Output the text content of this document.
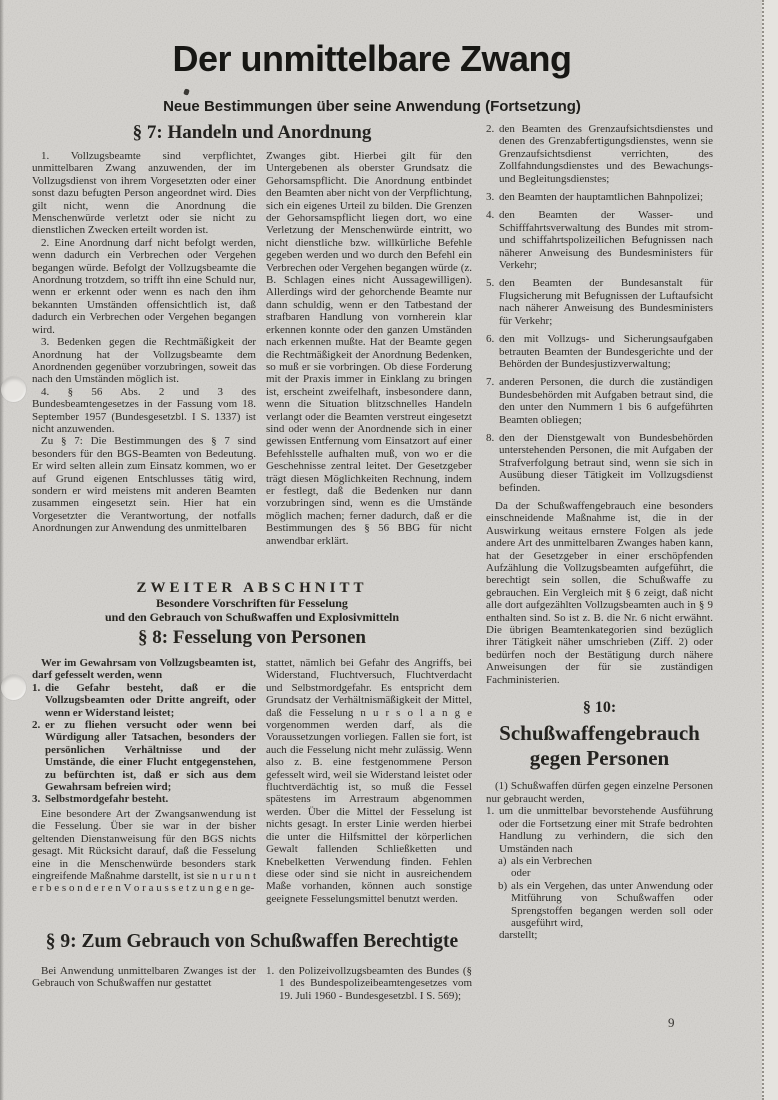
Der unmittelbare Zwang
Neue Bestimmungen über seine Anwendung (Fortsetzung)
§ 7: Handeln und Anordnung

1. Vollzugsbeamte sind verpflichtet, unmittelbaren Zwang anzuwenden, der im Vollzugsdienst von ihrem Vorgesetzten oder einer sonst dazu befugten Person angeordnet wird. Dies gilt nicht, wenn die Anordnung die Menschenwürde verletzt oder sie nicht zu dienstlichen Zwecken erteilt worden ist.

2. Eine Anordnung darf nicht befolgt werden, wenn dadurch ein Verbrechen oder Vergehen begangen würde. Befolgt der Vollzugsbeamte die Anordnung trotzdem, so trifft ihn eine Schuld nur, wenn er erkennt oder wenn es nach den ihm bekannten Umständen offensichtlich ist, daß dadurch ein Verbrechen oder Vergehen begangen wird.

3. Bedenken gegen die Rechtmäßigkeit der Anordnung hat der Vollzugsbeamte dem Anordnenden gegenüber vorzubringen, soweit das nach den Umständen möglich ist.

4. § 56 Abs. 2 und 3 des Bundesbeamtengesetzes in der Fassung vom 18. September 1957 (Bundesgesetzbl. I S. 1337) ist nicht anzuwenden.

Zu § 7: Die Bestimmungen des § 7 sind besonders für den BGS-Beamten von Bedeutung. Er wird selten allein zum Einsatz kommen, wo er auf Grund eigenen Entschlusses tätig wird, sondern er wird meistens mit anderen Beamten zusammen eingesetzt sein. Hier hat ein Vorgesetzter die Verantwortung, der notfalls Anordnungen zur Anwendung des unmittelbaren

Zwanges gibt. Hierbei gilt für den Untergebenen als oberster Grundsatz die Gehorsamspflicht. Die Anordnung entbindet den Beamten aber nicht von der Verpflichtung, sich ein eigenes Urteil zu bilden. Die Grenzen der Gehorsamspflicht liegen dort, wo eine Verletzung der Menschenwürde eintritt, wo nicht dienstliche bzw. willkürliche Befehle gegeben werden und wo durch den Befehl ein Verbrechen oder Vergehen begangen würde (z. B. Schlagen eines nicht Aussagewilligen). Allerdings wird der gehorchende Beamte nur dann schuldig, wenn er den Tatbestand der strafbaren Handlung von vornherein klar erkennen konnte oder den ganzen Umständen nach erkennen mußte. Hat der Beamte gegen die Rechtmäßigkeit der Anordnung Bedenken, so muß er sie vorbringen. Ob diese Forderung mit der Praxis immer in Einklang zu bringen ist, erscheint zweifelhaft, insbesondere dann, wenn die Situation blitzschnelles Handeln verlangt oder die Beamten verstreut eingesetzt sind oder wenn der Anordnende sich in einer gewissen Entfernung vom Einsatzort auf einer Befehlsstelle aufhalten muß, von wo er die Geschehnisse zentral leitet. Der Gesetzgeber trägt diesen Möglichkeiten Rechnung, indem er festlegt, daß die Bedenken nur dann vorzubringen sind, wenn es die Umstände möglich machen; ferner dadurch, daß er die Bestimmungen des § 56 BBG für nicht anwendbar erklärt.

ZWEITER ABSCHNITT
Besondere Vorschriften für Fesselung
und den Gebrauch von Schußwaffen und Explosivmitteln
§ 8: Fesselung von Personen

Wer im Gewahrsam von Vollzugsbeamten ist, darf gefesselt werden, wenn

1. die Gefahr besteht, daß er die Vollzugsbeamten oder Dritte angreift, oder wenn er Widerstand leistet;

2. er zu fliehen versucht oder wenn bei Würdigung aller Tatsachen, besonders der persönlichen Verhältnisse und der Umstände, die einer Flucht entgegenstehen, zu befürchten ist, daß er sich aus dem Gewahrsam befreien wird;

3. Selbstmordgefahr besteht.

Eine besondere Art der Zwangsanwendung ist die Fesselung. Über sie war in der bisher geltenden Dienstanweisung für den BGS nichts gesagt. Mit Rücksicht darauf, daß die Fesselung eine in die Menschenwürde besonders stark eingreifende Maßnahme darstellt, ist sie n u r u n t e r b e s o n d e r e n V o r a u s s e t z u n g e n ge-

stattet, nämlich bei Gefahr des Angriffs, bei Widerstand, Fluchtversuch, Fluchtverdacht und Selbstmordgefahr. Es entspricht dem Grundsatz der Verhältnismäßigkeit der Mittel, daß die Fesselung n u r s o l a n g e vorgenommen werden darf, als die Voraussetzungen vorliegen. Fallen sie fort, ist auch die Fesselung nicht mehr zulässig. Wenn also z. B. eine festgenommene Person gefesselt wird, weil sie Widerstand leistet oder fluchtverdächtig ist, so muß die Fessel spätestens im Arrestraum abgenommen werden. Über die Mittel der Fesselung ist nichts gesagt. In erster Linie werden hierbei die unter die Hilfsmittel der körperlichen Gewalt fallenden Schließketten und Knebelketten Verwendung finden. Fehlen diese oder sind sie nicht in ausreichendem Maße vorhanden, können auch sonstige geeignete Fesselungsmittel benutzt werden.

§ 9: Zum Gebrauch von Schußwaffen Berechtigte

Bei Anwendung unmittelbaren Zwanges ist der Gebrauch von Schußwaffen nur gestattet

1. den Polizeivollzugsbeamten des Bundes (§ 1 des Bundespolizeibeamtengesetzes vom 19. Juli 1960 - Bundesgesetzbl. I S. 569);

2. den Beamten des Grenzaufsichtsdienstes und denen des Grenzabfertigungsdienstes, wenn sie Grenzaufsichtsdienst verrichten, des Zollfahndungsdienstes und des Bewachungs- und Begleitungsdienstes;

3. den Beamten der hauptamtlichen Bahnpolizei;

4. den Beamten der Wasser- und Schifffahrtsverwaltung des Bundes mit strom- und schiffahrtspolizeilichen Befugnissen nach näherer Anweisung des Bundesministers für Verkehr;

5. den Beamten der Bundesanstalt für Flugsicherung mit Befugnissen der Luftaufsicht nach näherer Anweisung des Bundesministers für Verkehr;

6. den mit Vollzugs- und Sicherungsaufgaben betrauten Beamten der Bundesgerichte und der Behörden der Bundesjustizverwaltung;

7. anderen Personen, die durch die zuständigen Bundesbehörden mit Aufgaben betraut sind, die den unter den Nummern 1 bis 6 aufgeführten Beamten obliegen;

8. den der Dienstgewalt von Bundesbehörden unterstehenden Personen, die mit Aufgaben der Strafverfolgung betraut sind, wenn sie sich in Ausübung dieser Tätigkeit im Vollzugsdienst befinden.

Da der Schußwaffengebrauch eine besonders einschneidende Maßnahme ist, die in der Auswirkung weitaus ernstere Folgen als jede andere Art des unmittelbaren Zwanges haben kann, hat der Gesetzgeber in einer erschöpfenden Aufzählung die Vollzugsbeamten aufgeführt, die berechtigt sein sollen, die Schußwaffe zu gebrauchen. Ein Vergleich mit § 6 zeigt, daß nicht alle dort aufgezählten Vollzugsbeamten auch in § 9 enthalten sind. So ist z. B. die Nr. 6 nicht erwähnt. Die übrigen Beamtenkategorien sind bezüglich ihrer Tätigkeit näher umschrieben (Ziff. 2) oder bedürfen noch der Bestätigung durch nähere Anweisungen der für sie zuständigen Fachministerien.

§ 10:
Schußwaffengebrauch
gegen Personen

(1) Schußwaffen dürfen gegen einzelne Personen nur gebraucht werden,

1. um die unmittelbar bevorstehende Ausführung oder die Fortsetzung einer mit Strafe bedrohten Handlung zu verhindern, die sich den Umständen nach

a) als ein Verbrechen

oder

b) als ein Vergehen, das unter Anwendung oder Mitführung von Schußwaffen oder Sprengstoffen begangen werden soll oder ausgeführt wird,

darstellt;

9
